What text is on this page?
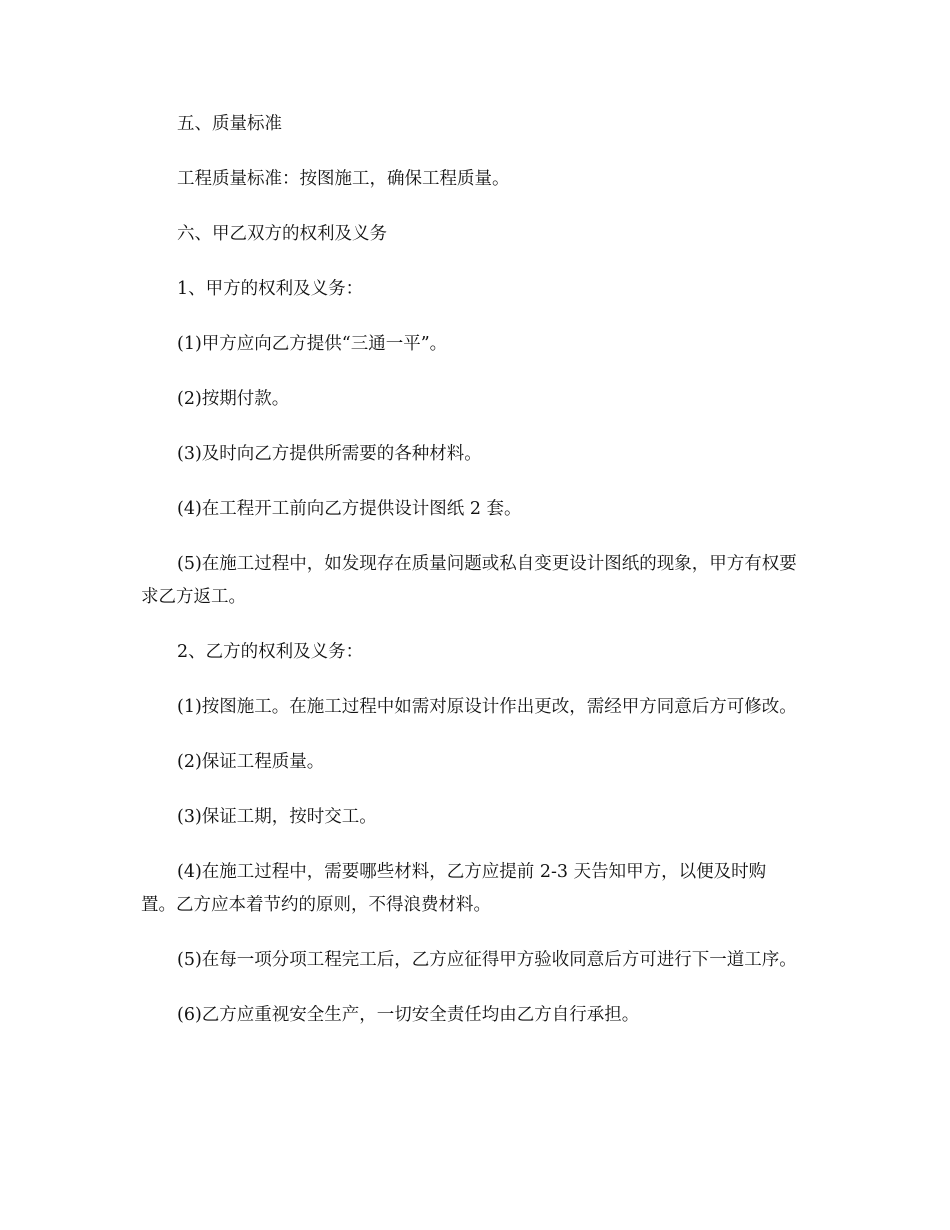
五、质量标准

工程质量标准：按图施工，确保工程质量。

六、甲乙双方的权利及义务

1、甲方的权利及义务：

(1)甲方应向乙方提供“三通一平”。

(2)按期付款。

(3)及时向乙方提供所需要的各种材料。

(4)在工程开工前向乙方提供设计图纸 2 套。

(5)在施工过程中，如发现存在质量问题或私自变更设计图纸的现象，甲方有权要求乙方返工。

2、乙方的权利及义务：

(1)按图施工。在施工过程中如需对原设计作出更改，需经甲方同意后方可修改。

(2)保证工程质量。

(3)保证工期，按时交工。

(4)在施工过程中，需要哪些材料，乙方应提前 2-3 天告知甲方，以便及时购置。乙方应本着节约的原则，不得浪费材料。

(5)在每一项分项工程完工后，乙方应征得甲方验收同意后方可进行下一道工序。

(6)乙方应重视安全生产，一切安全责任均由乙方自行承担。
